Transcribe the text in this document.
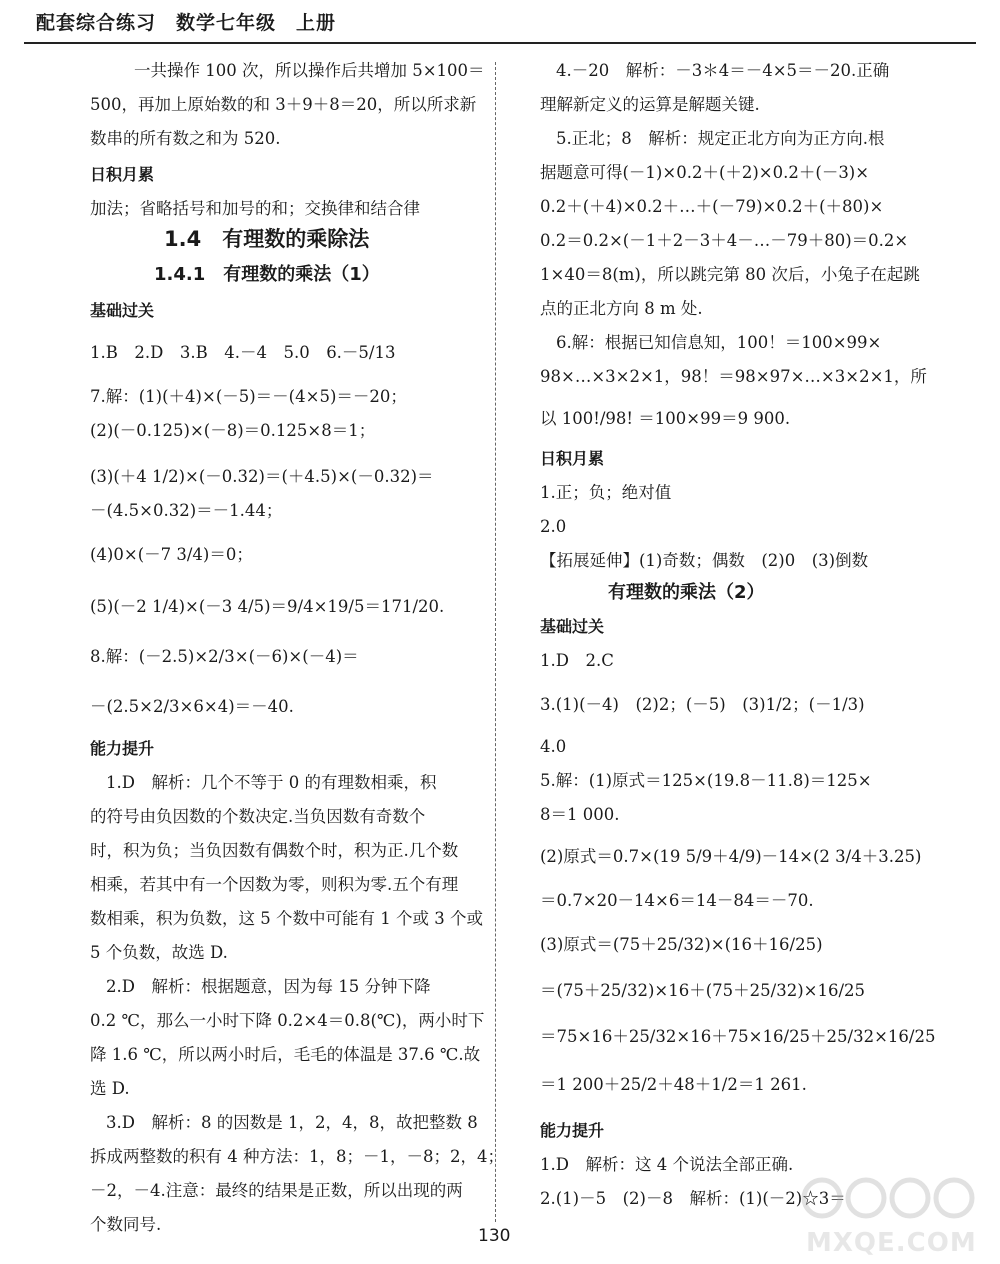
配套综合练习　数学七年级　上册
一共操作 100 次，所以操作后共增加 5×100＝
500，再加上原始数的和 3＋9＋8＝20，所以所求新
数串的所有数之和为 520.
日积月累
加法；省略括号和加号的和；交换律和结合律
1.4　有理数的乘除法
1.4.1　有理数的乘法（1）
基础过关
1.B　2.D　3.B　4.－4　5.0　6.－5/13
7.解：(1)(＋4)×(－5)＝－(4×5)＝－20；
(2)(－0.125)×(－8)＝0.125×8＝1；
(3)(＋4 1/2)×(－0.32)＝(＋4.5)×(－0.32)＝
－(4.5×0.32)＝－1.44；
(4)0×(－7 3/4)＝0；
(5)(－2 1/4)×(－3 4/5)＝9/4×19/5＝171/20.
8.解：(－2.5)×2/3×(－6)×(－4)＝
－(2.5×2/3×6×4)＝－40.
能力提升
1.D　解析：几个不等于 0 的有理数相乘，积
的符号由负因数的个数决定.当负因数有奇数个
时，积为负；当负因数有偶数个时，积为正.几个数
相乘，若其中有一个因数为零，则积为零.五个有理
数相乘，积为负数，这 5 个数中可能有 1 个或 3 个或
5 个负数，故选 D.
2.D　解析：根据题意，因为每 15 分钟下降
0.2 ℃，那么一小时下降 0.2×4＝0.8(℃)，两小时下
降 1.6 ℃，所以两小时后，毛毛的体温是 37.6 ℃.故
选 D.
3.D　解析：8 的因数是 1，2，4，8，故把整数 8
拆成两整数的积有 4 种方法：1，8；－1，－8；2，4；
－2，－4.注意：最终的结果是正数，所以出现的两
个数同号.
4.－20　解析：－3＊4＝－4×5＝－20.正确
理解新定义的运算是解题关键.
5.正北；8　解析：规定正北方向为正方向.根
据题意可得(－1)×0.2＋(＋2)×0.2＋(－3)×
0.2＋(＋4)×0.2＋…＋(－79)×0.2＋(＋80)×
0.2＝0.2×(－1＋2－3＋4－…－79＋80)＝0.2×
1×40＝8(m)，所以跳完第 80 次后，小兔子在起跳
点的正北方向 8 m 处.
6.解：根据已知信息知，100！＝100×99×
98×…×3×2×1，98！＝98×97×…×3×2×1，所
以 100!/98! ＝100×99＝9 900.
日积月累
1.正；负；绝对值
2.0
【拓展延伸】(1)奇数；偶数　(2)0　(3)倒数
有理数的乘法（2）
基础过关
1.D　2.C
3.(1)(－4)　(2)2；(－5)　(3)1/2；(－1/3)
4.0
5.解：(1)原式＝125×(19.8－11.8)＝125×
8＝1 000.
(2)原式＝0.7×(19 5/9＋4/9)－14×(2 3/4＋3.25)
＝0.7×20－14×6＝14－84＝－70.
(3)原式＝(75＋25/32)×(16＋16/25)
＝(75＋25/32)×16＋(75＋25/32)×16/25
＝75×16＋25/32×16＋75×16/25＋25/32×16/25
＝1 200＋25/2＋48＋1/2＝1 261.
能力提升
1.D　解析：这 4 个说法全部正确.
2.(1)－5　(2)－8　解析：(1)(－2)☆3＝
130	MXQE.COM
